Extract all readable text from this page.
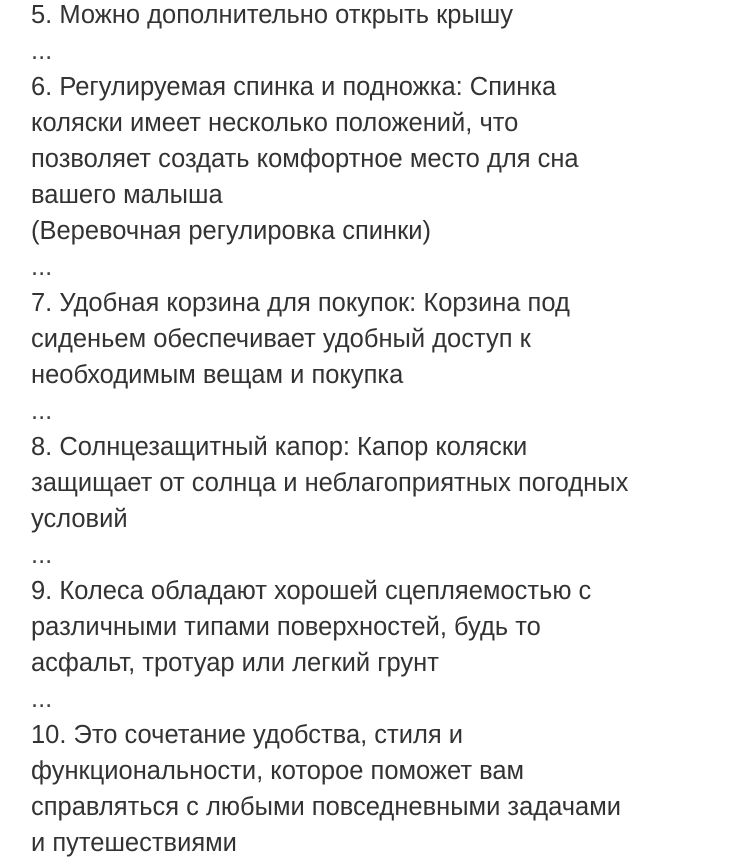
5. Можно дополнительно открыть крышу
...
6. Регулируемая спинка и подножка: Спинка
коляски имеет несколько положений, что
позволяет создать комфортное место для сна
вашего малыша
(Веревочная регулировка спинки)
...
7. Удобная корзина для покупок: Корзина под
сиденьем обеспечивает удобный доступ к
необходимым вещам и покупка
...
8. Солнцезащитный капор: Капор коляски
защищает от солнца и неблагоприятных погодных
условий
...
9. Колеса обладают хорошей сцепляемостью с
различными типами поверхностей, будь то
асфальт, тротуар или легкий грунт
...
10. Это сочетание удобства, стиля и
функциональности, которое поможет вам
справляться с любыми повседневными задачами
и путешествиями
